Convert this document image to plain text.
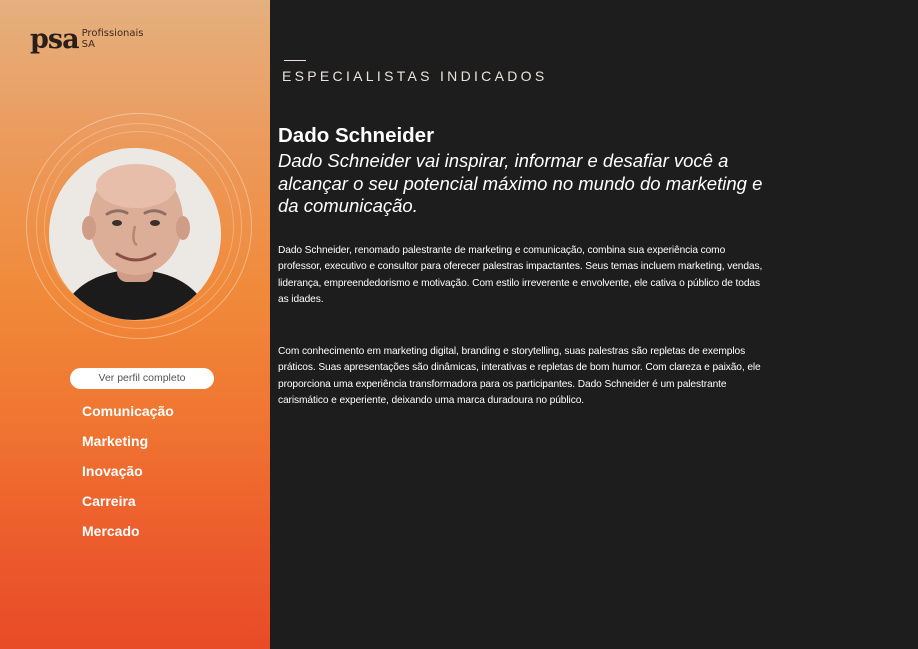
psa Profissionais
SA
Ver perfil completo
Comunicação
Marketing
Inovação
Carreira
Mercado
ESPECIALISTAS INDICADOS
Dado Schneider
Dado Schneider vai inspirar, informar e desafiar você a alcançar o seu potencial máximo no mundo do marketing e da comunicação.

Dado Schneider, renomado palestrante de marketing e comunicação, combina sua experiência como professor, executivo e consultor para oferecer palestras impactantes. Seus temas incluem marketing, vendas, liderança, empreendedorismo e motivação. Com estilo irreverente e envolvente, ele cativa o público de todas as idades.

Com conhecimento em marketing digital, branding e storytelling, suas palestras são repletas de exemplos práticos. Suas apresentações são dinâmicas, interativas e repletas de bom humor. Com clareza e paixão, ele proporciona uma experiência transformadora para os participantes. Dado Schneider é um palestrante carismático e experiente, deixando uma marca duradoura no público.
